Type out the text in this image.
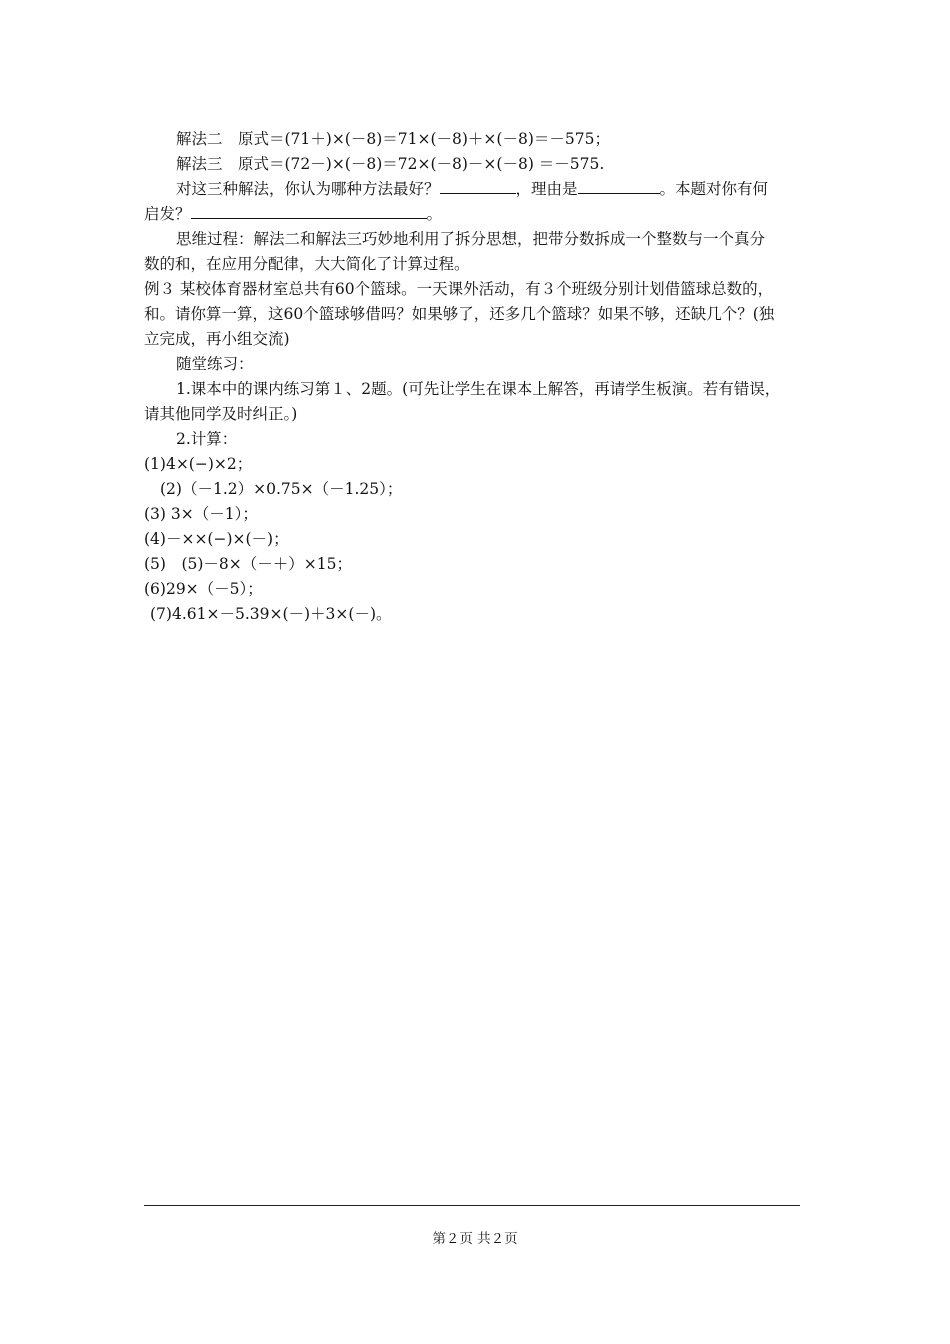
解法二　原式＝(71＋)×(－8)＝71×(－8)＋×(－8)＝－575；
解法三　原式＝(72－)×(－8)＝72×(－8)－×(－8) ＝－575.
对这三种解法，你认为哪种方法最好？	，理由是	。本题对你有何
启发？	。
思维过程：解法二和解法三巧妙地利用了拆分思想，把带分数拆成一个整数与一个真分
数的和，在应用分配律，大大简化了计算过程。
例３ 某校体育器材室总共有60个篮球。一天课外活动，有３个班级分别计划借篮球总数的，
和。请你算一算，这60个篮球够借吗？如果够了，还多几个篮球？如果不够，还缺几个？(独
立完成，再小组交流)
随堂练习：
1.课本中的课内练习第１、2题。(可先让学生在课本上解答，再请学生板演。若有错误，
请其他同学及时纠正。)
2.计算：
(1)4×(−)×2；
(2)（－1.2）×0.75×（－1.25）；
(3) 3×（－1）；
(4)－××(−)×(－)；
(5)　(5)－8×（－＋）×15；
(6)29×（－5）；
(7)4.61×－5.39×(－)＋3×(－)。
第２页 共２页
